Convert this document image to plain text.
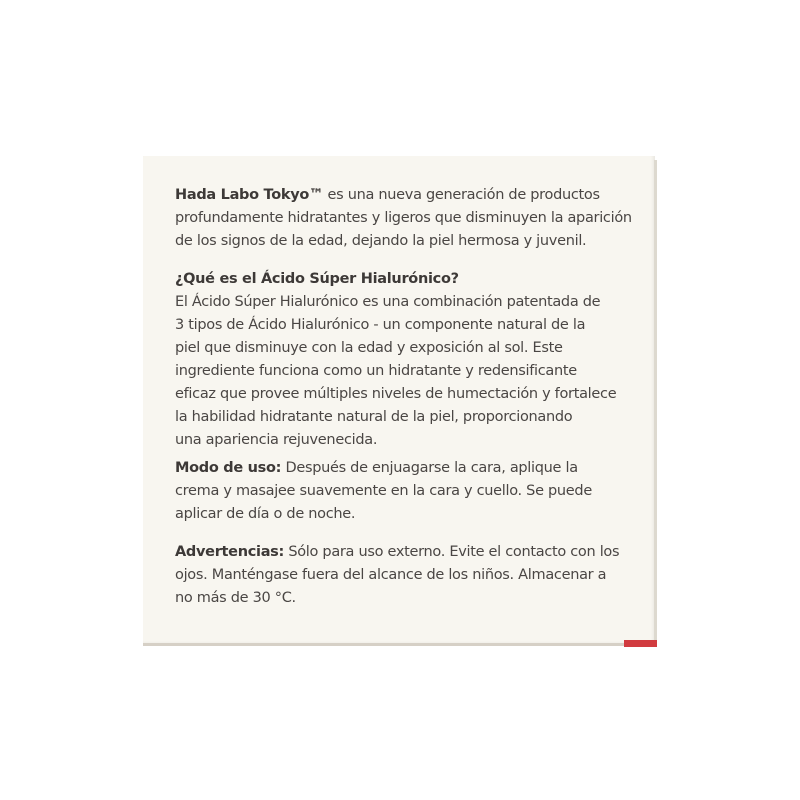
Hada Labo Tokyo™ es una nueva generación de productos
profundamente hidratantes y ligeros que disminuyen la aparición
de los signos de la edad, dejando la piel hermosa y juvenil.

¿Qué es el Ácido Súper Hialurónico?
El Ácido Súper Hialurónico es una combinación patentada de
3 tipos de Ácido Hialurónico - un componente natural de la
piel que disminuye con la edad y exposición al sol. Este
ingrediente funciona como un hidratante y redensificante
eficaz que provee múltiples niveles de humectación y fortalece
la habilidad hidratante natural de la piel, proporcionando
una apariencia rejuvenecida.

Modo de uso: Después de enjuagarse la cara, aplique la
crema y masajee suavemente en la cara y cuello. Se puede
aplicar de día o de noche.

Advertencias: Sólo para uso externo. Evite el contacto con los
ojos. Manténgase fuera del alcance de los niños. Almacenar a
no más de 30 °C.
